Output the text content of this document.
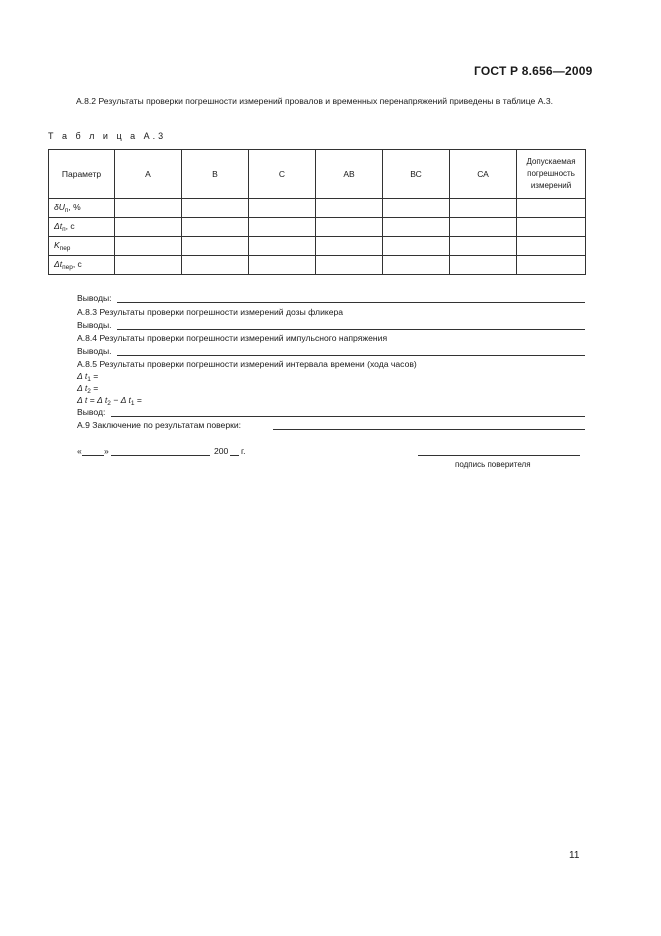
ГОСТ Р 8.656—2009
А.8.2 Результаты проверки погрешности измерений провалов и временных перенапряжений приведены в таблице А.3.
Т а б л и ц а А.3
Параметр	А	В	С	АВ	ВС	СА	Допускаемая
погрешность
измерений

$\delta U_п$, %							
$\Delta t_п$, с							
$K_{пер}$							
$\Delta t_{пер}$, с							
Выводы:
А.8.3 Результаты проверки погрешности измерений дозы фликера
Выводы.
А.8.4 Результаты проверки погрешности измерений импульсного напряжения
Выводы.
А.8.5 Результаты проверки погрешности измерений интервала времени (хода часов)
Δ $t_1$ =
Δ $t_2$ =
Δ t = Δ $t_2 - \Delta$ $t_1$ =
Вывод:
А.9 Заключение по результатам поверки:
«	»	200 г.
подпись поверителя
11
